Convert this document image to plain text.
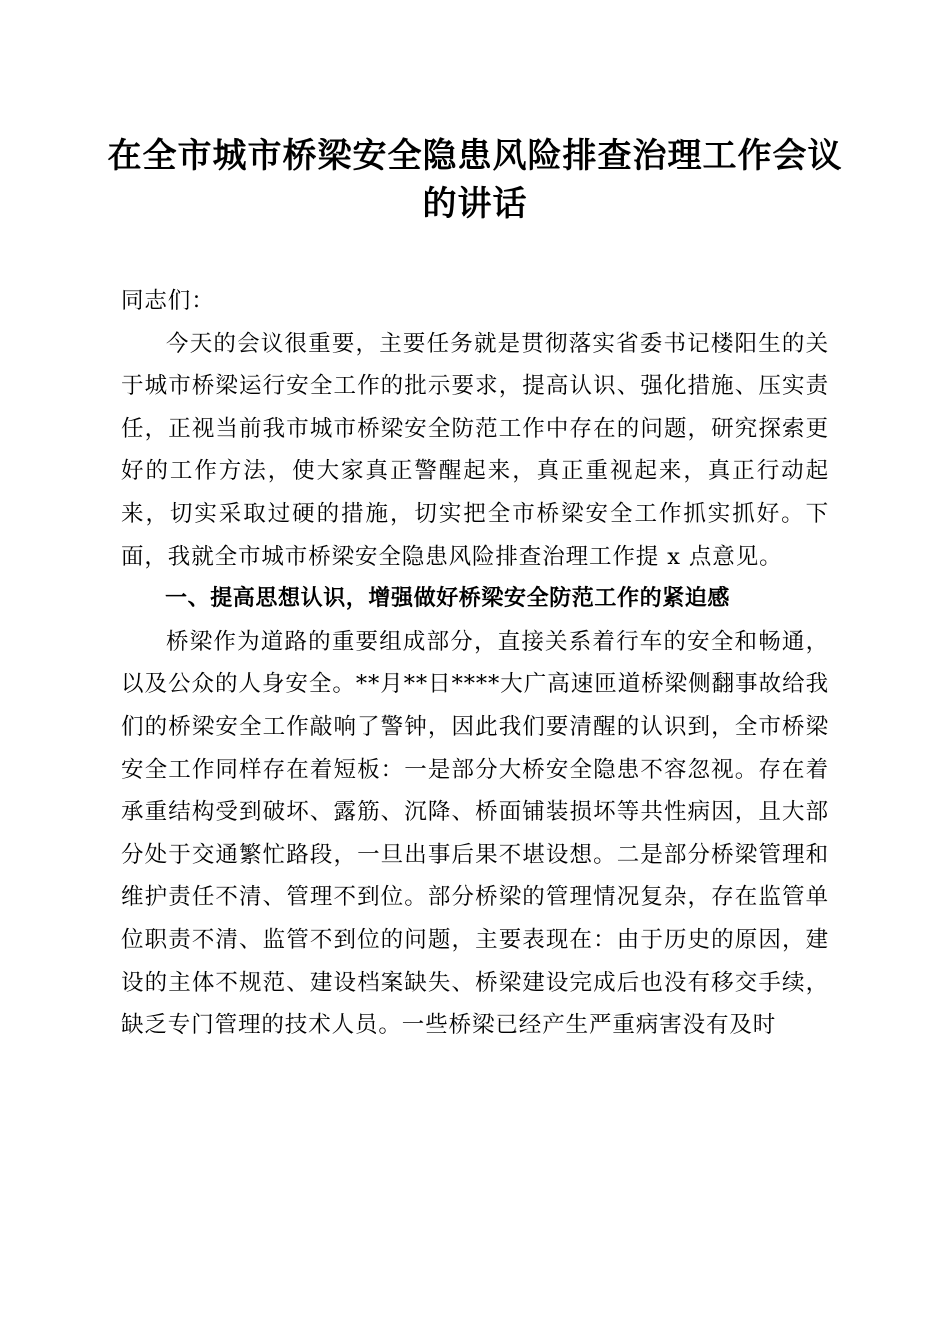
在全市城市桥梁安全隐患风险排查治理工作会议的讲话

同志们：

今天的会议很重要，主要任务就是贯彻落实省委书记楼阳生的关于城市桥梁运行安全工作的批示要求，提高认识、强化措施、压实责任，正视当前我市城市桥梁安全防范工作中存在的问题，研究探索更好的工作方法，使大家真正警醒起来，真正重视起来，真正行动起来，切实采取过硬的措施，切实把全市桥梁安全工作抓实抓好。下面，我就全市城市桥梁安全隐患风险排查治理工作提 x 点意见。

一、提高思想认识，增强做好桥梁安全防范工作的紧迫感

桥梁作为道路的重要组成部分，直接关系着行车的安全和畅通，以及公众的人身安全。**月**日****大广高速匝道桥梁侧翻事故给我们的桥梁安全工作敲响了警钟，因此我们要清醒的认识到，全市桥梁安全工作同样存在着短板：一是部分大桥安全隐患不容忽视。存在着承重结构受到破坏、露筋、沉降、桥面铺装损坏等共性病因，且大部分处于交通繁忙路段，一旦出事后果不堪设想。二是部分桥梁管理和维护责任不清、管理不到位。部分桥梁的管理情况复杂，存在监管单位职责不清、监管不到位的问题，主要表现在：由于历史的原因，建设的主体不规范、建设档案缺失、桥梁建设完成后也没有移交手续，缺乏专门管理的技术人员。一些桥梁已经产生严重病害没有及时
